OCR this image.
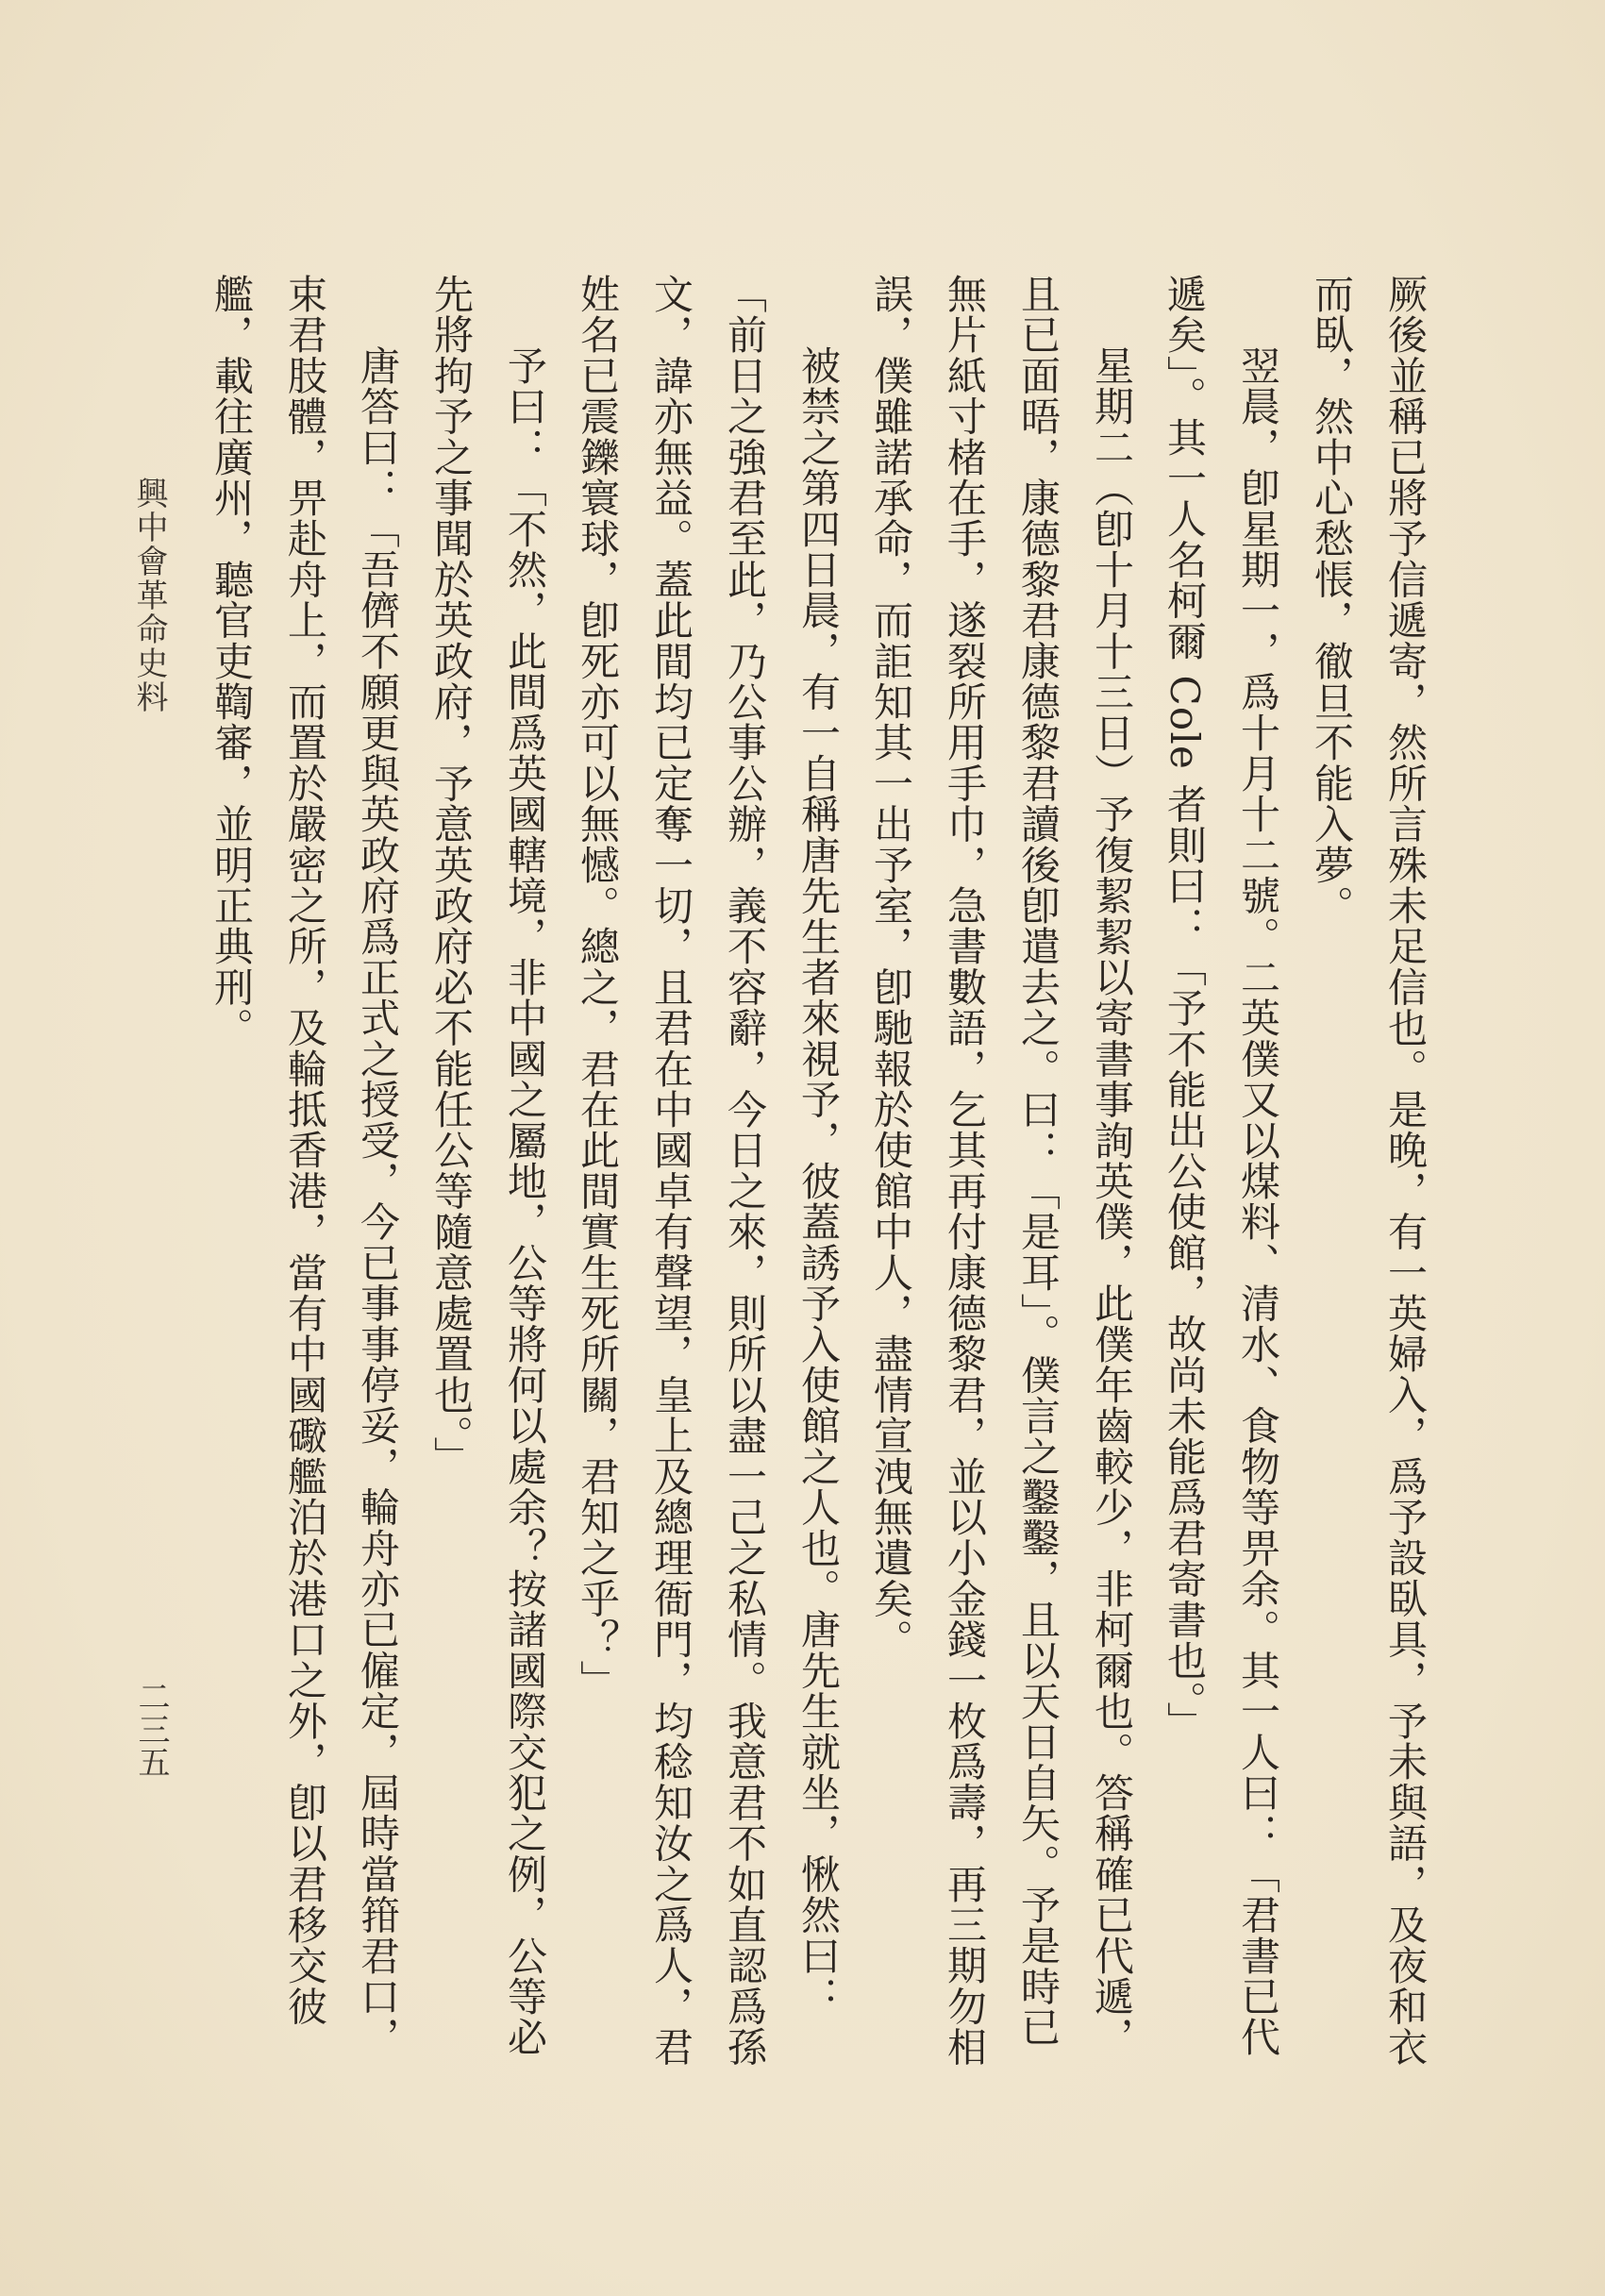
厥後並稱已將予信遞寄，然所言殊未足信也。是晚，有一英婦入，爲予設臥具，予未與語，及夜和衣
而臥，然中心愁悵，徹旦不能入夢。
翌晨，卽星期一，爲十月十二號。二英僕又以煤料、清水、食物等畀余。其一人曰：「君書已代
遞矣」。其一人名柯爾 Cole 者則曰：「予不能出公使館，故尚未能爲君寄書也。」
星期二（卽十月十三日）予復絜絜以寄書事詢英僕，此僕年齒較少，非柯爾也。答稱確已代遞，
且已面晤，康德黎君康德黎君讀後卽遣去之。曰：「是耳」。僕言之鑿鑿，且以天日自矢。予是時已
無片紙寸楮在手，遂裂所用手巾，急書數語，乞其再付康德黎君，並以小金錢一枚爲壽，再三期勿相
誤，僕雖諾承命，而詎知其一出予室，卽馳報於使館中人，盡情宣洩無遺矣。
被禁之第四日晨，有一自稱唐先生者來視予，彼蓋誘予入使館之人也。唐先生就坐，愀然曰：
「前日之強君至此，乃公事公辦，義不容辭，今日之來，則所以盡一己之私情。我意君不如直認爲孫
文，諱亦無益。蓋此間均已定奪一切，且君在中國卓有聲望，皇上及總理衙門，均稔知汝之爲人，君
姓名已震鑠寰球，卽死亦可以無憾。總之，君在此間實生死所關，君知之乎？」
予曰：「不然，此間爲英國轄境，非中國之屬地，公等將何以處余？按諸國際交犯之例，公等必
先將拘予之事聞於英政府，予意英政府必不能任公等隨意處置也。」
唐答曰：「吾儕不願更與英政府爲正式之授受，今已事事停妥，輪舟亦已僱定，屆時當箝君口，
束君肢體，畀赴舟上，而置於嚴密之所，及輪抵香港，當有中國礮艦泊於港口之外，卽以君移交彼
艦，載往廣州，聽官吏鞫審，並明正典刑。
興中會革命史料
二三五
